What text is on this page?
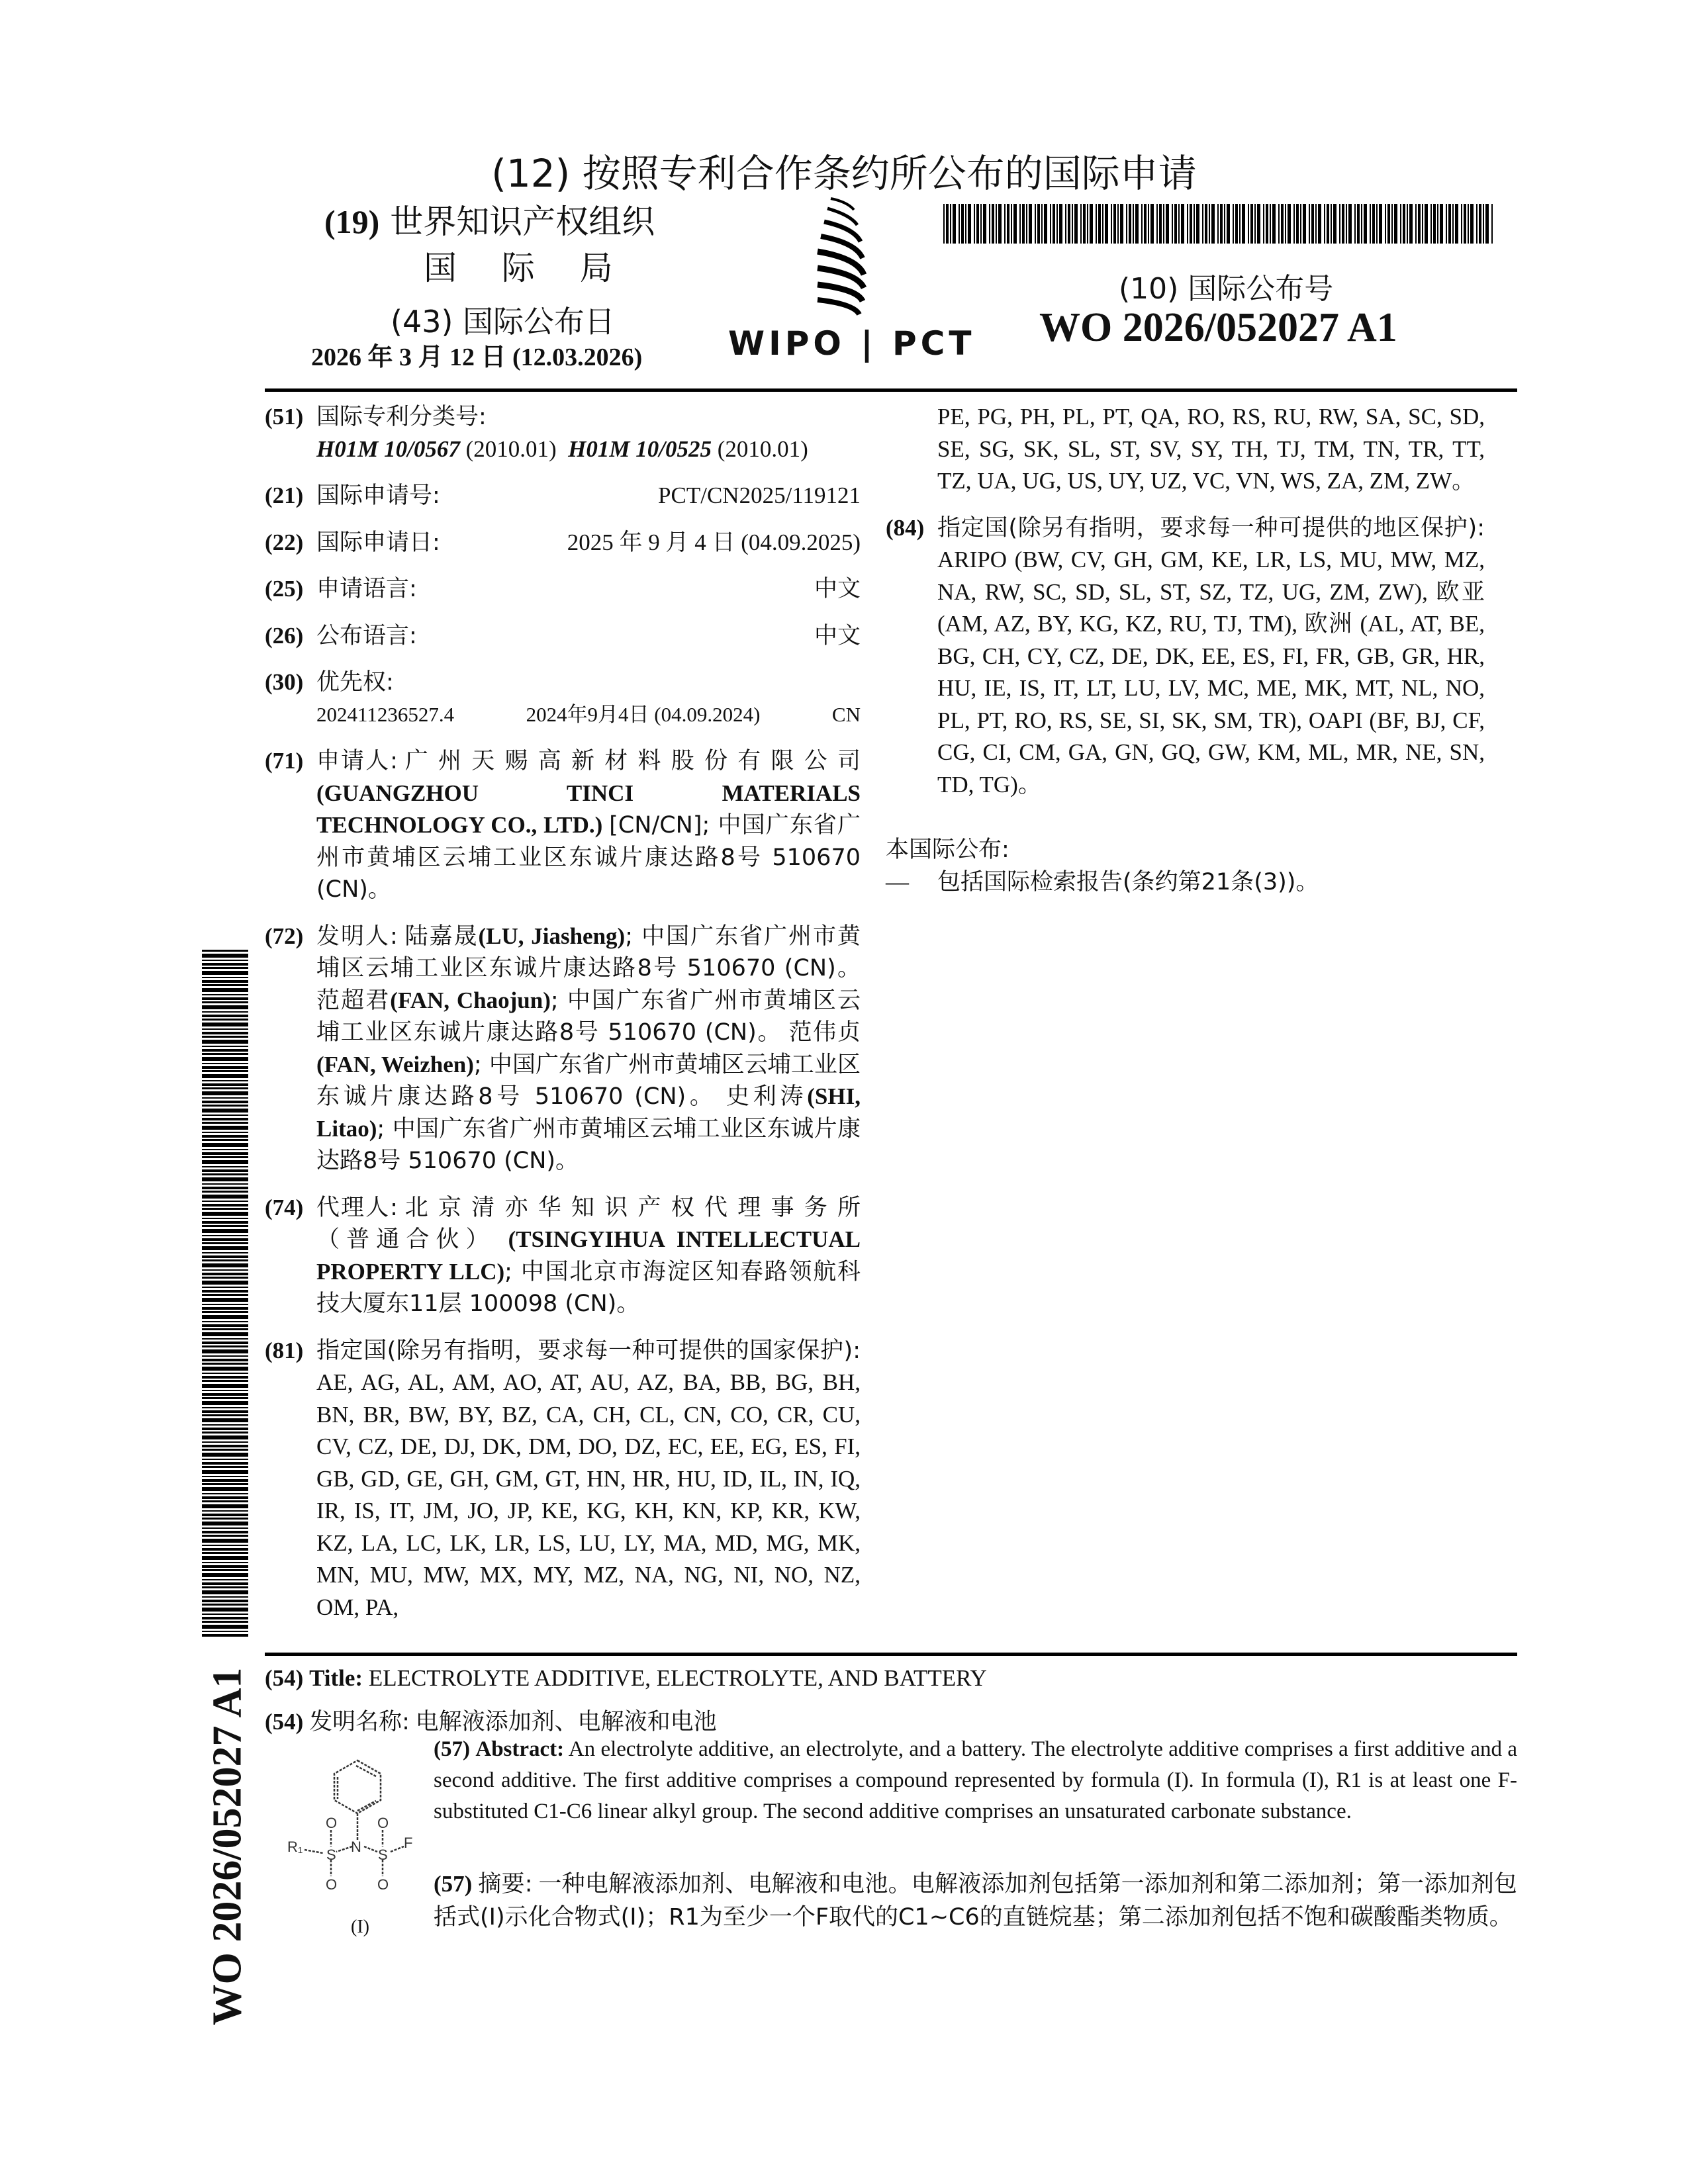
(12) 按照专利合作条约所公布的国际申请
(19) 世界知识产权组织
国 际 局
(43) 国际公布日
2026 年 3 月 12 日 (12.03.2026)	WIPO | PCT
(10) 国际公布号
WO 2026/052027 A1
(51) 国际专利分类号:
H01M 10/0567 (2010.01) H01M 10/0525 (2010.01)
(21) 国际申请号:	PCT/CN2025/119121
(22) 国际申请日:	2025 年 9 月 4 日 (04.09.2025)
(25) 申请语言:	中文
(26) 公布语言:	中文
(30) 优先权:
202411236527.4	2024年9月4日 (04.09.2024)	CN
(71) 申请人: 广 州 天 赐 高 新 材 料 股 份 有 限 公 司 (GUANGZHOU TINCI MATERIALS TECHNOLOGY CO., LTD.) [CN/CN]; 中国广东省广州市黄埔区云埔工业区东诚片康达路8号 510670 (CN)。
(72) 发明人: 陆嘉晟(LU, Jiasheng); 中国广东省广州市黄埔区云埔工业区东诚片康达路8号 510670 (CN)。 范超君(FAN, Chaojun); 中国广东省广州市黄埔区云埔工业区东诚片康达路8号 510670 (CN)。 范伟贞(FAN, Weizhen); 中国广东省广州市黄埔区云埔工业区东诚片康达路8号 510670 (CN)。 史利涛(SHI, Litao); 中国广东省广州市黄埔区云埔工业区东诚片康达路8号 510670 (CN)。
(74) 代理人: 北 京 清 亦 华 知 识 产 权 代 理 事 务 所（普通合伙） (TSINGYIHUA INTELLECTUAL PROPERTY LLC); 中国北京市海淀区知春路领航科技大厦东11层 100098 (CN)。
(81) 指定国(除另有指明，要求每一种可提供的国家保护): AE, AG, AL, AM, AO, AT, AU, AZ, BA, BB, BG, BH, BN, BR, BW, BY, BZ, CA, CH, CL, CN, CO, CR, CU, CV, CZ, DE, DJ, DK, DM, DO, DZ, EC, EE, EG, ES, FI, GB, GD, GE, GH, GM, GT, HN, HR, HU, ID, IL, IN, IQ, IR, IS, IT, JM, JO, JP, KE, KG, KH, KN, KP, KR, KW, KZ, LA, LC, LK, LR, LS, LU, LY, MA, MD, MG, MK, MN, MU, MW, MX, MY, MZ, NA, NG, NI, NO, NZ, OM, PA,
PE, PG, PH, PL, PT, QA, RO, RS, RU, RW, SA, SC, SD, SE, SG, SK, SL, ST, SV, SY, TH, TJ, TM, TN, TR, TT, TZ, UA, UG, US, UY, UZ, VC, VN, WS, ZA, ZM, ZW。
(84) 指定国(除另有指明，要求每一种可提供的地区保护): ARIPO (BW, CV, GH, GM, KE, LR, LS, MU, MW, MZ, NA, RW, SC, SD, SL, ST, SZ, TZ, UG, ZM, ZW), 欧亚 (AM, AZ, BY, KG, KZ, RU, TJ, TM), 欧洲 (AL, AT, BE, BG, CH, CY, CZ, DE, DK, EE, ES, FI, FR, GB, GR, HR, HU, IE, IS, IT, LT, LU, LV, MC, ME, MK, MT, NL, NO, PL, PT, RO, RS, SE, SI, SK, SM, TR), OAPI (BF, BJ, CF, CG, CI, CM, GA, GN, GQ, GW, KM, ML, MR, NE, SN, TD, TG)。
本国际公布:
— 包括国际检索报告(条约第21条(3))。
WO 2026/052027 A1 (54) Title: ELECTROLYTE ADDITIVE, ELECTROLYTE, AND BATTERY
(54) 发明名称: 电解液添加剂、电解液和电池
O	O
O	O
N
S	S
R₁	F
(I)
(57) Abstract: An electrolyte additive, an electrolyte, and a battery. The electrolyte additive comprises a first additive and a second additive. The first additive comprises a compound represented by formula (I). In formula (I), R1 is at least one F-substituted C1-C6 linear alkyl group. The second additive comprises an unsaturated carbonate substance.
(57) 摘要: 一种电解液添加剂、电解液和电池。电解液添加剂包括第一添加剂和第二添加剂；第一添加剂包括式(I)示化合物式(I)；R1为至少一个F取代的C1~C6的直链烷基；第二添加剂包括不饱和碳酸酯类物质。
